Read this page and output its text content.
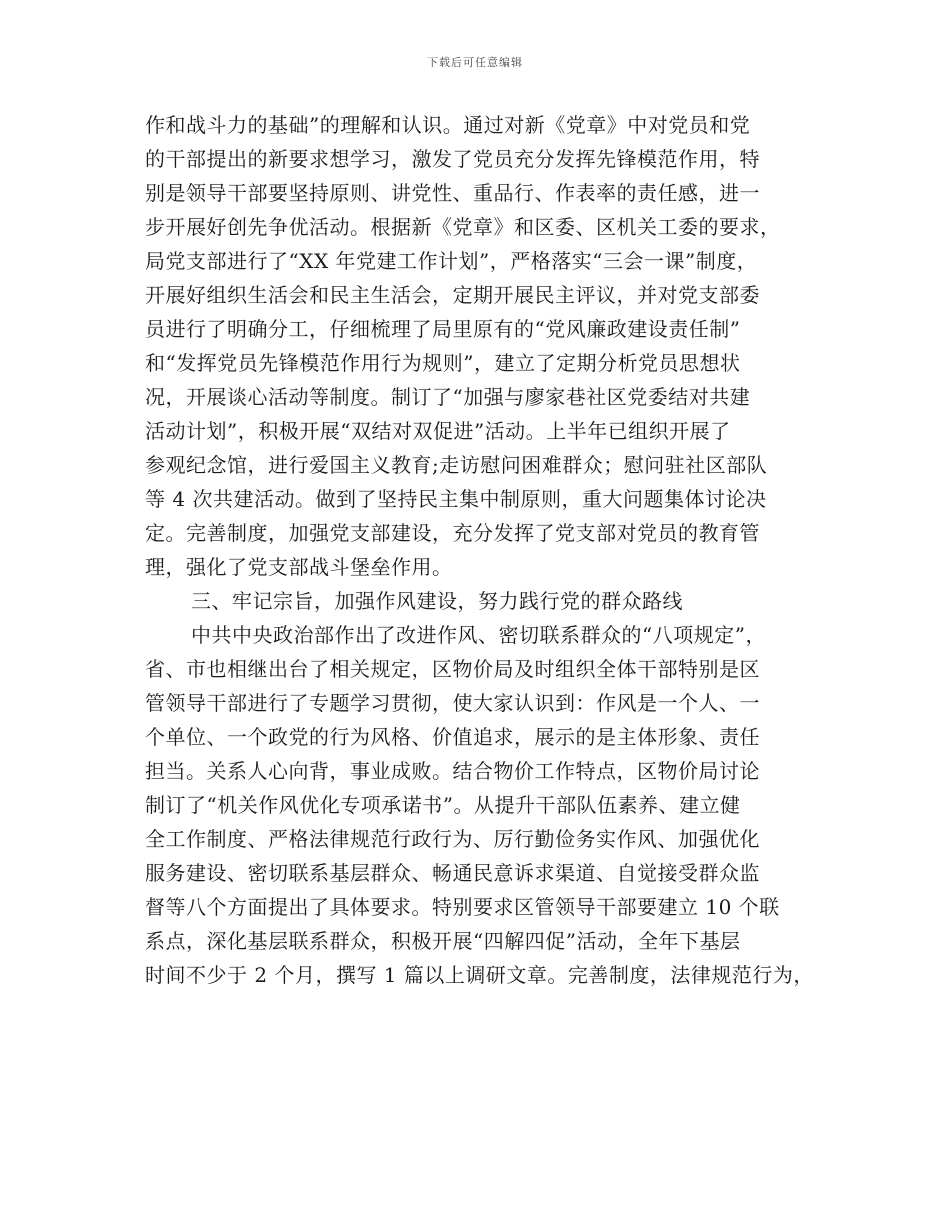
下载后可任意编辑
作和战斗力的基础”的理解和认识。通过对新《党章》中对党员和党
的干部提出的新要求想学习，激发了党员充分发挥先锋模范作用，特
别是领导干部要坚持原则、讲党性、重品行、作表率的责任感，进一
步开展好创先争优活动。根据新《党章》和区委、区机关工委的要求，
局党支部进行了“XX 年党建工作计划”，严格落实“三会一课”制度，
开展好组织生活会和民主生活会，定期开展民主评议，并对党支部委
员进行了明确分工，仔细梳理了局里原有的“党风廉政建设责任制”
和“发挥党员先锋模范作用行为规则”，建立了定期分析党员思想状
况，开展谈心活动等制度。制订了“加强与廖家巷社区党委结对共建
活动计划”，积极开展“双结对双促进”活动。上半年已组织开展了
参观纪念馆，进行爱国主义教育;走访慰问困难群众；慰问驻社区部队
等 4 次共建活动。做到了坚持民主集中制原则，重大问题集体讨论决
定。完善制度，加强党支部建设，充分发挥了党支部对党员的教育管
理，强化了党支部战斗堡垒作用。
三、牢记宗旨，加强作风建设，努力践行党的群众路线
中共中央政治部作出了改进作风、密切联系群众的“八项规定”，
省、市也相继出台了相关规定，区物价局及时组织全体干部特别是区
管领导干部进行了专题学习贯彻，使大家认识到：作风是一个人、一
个单位、一个政党的行为风格、价值追求，展示的是主体形象、责任
担当。关系人心向背，事业成败。结合物价工作特点，区物价局讨论
制订了“机关作风优化专项承诺书”。从提升干部队伍素养、建立健
全工作制度、严格法律规范行政行为、厉行勤俭务实作风、加强优化
服务建设、密切联系基层群众、畅通民意诉求渠道、自觉接受群众监
督等八个方面提出了具体要求。特别要求区管领导干部要建立 10 个联
系点，深化基层联系群众，积极开展“四解四促”活动，全年下基层
时间不少于 2 个月，撰写 1 篇以上调研文章。完善制度，法律规范行为，
